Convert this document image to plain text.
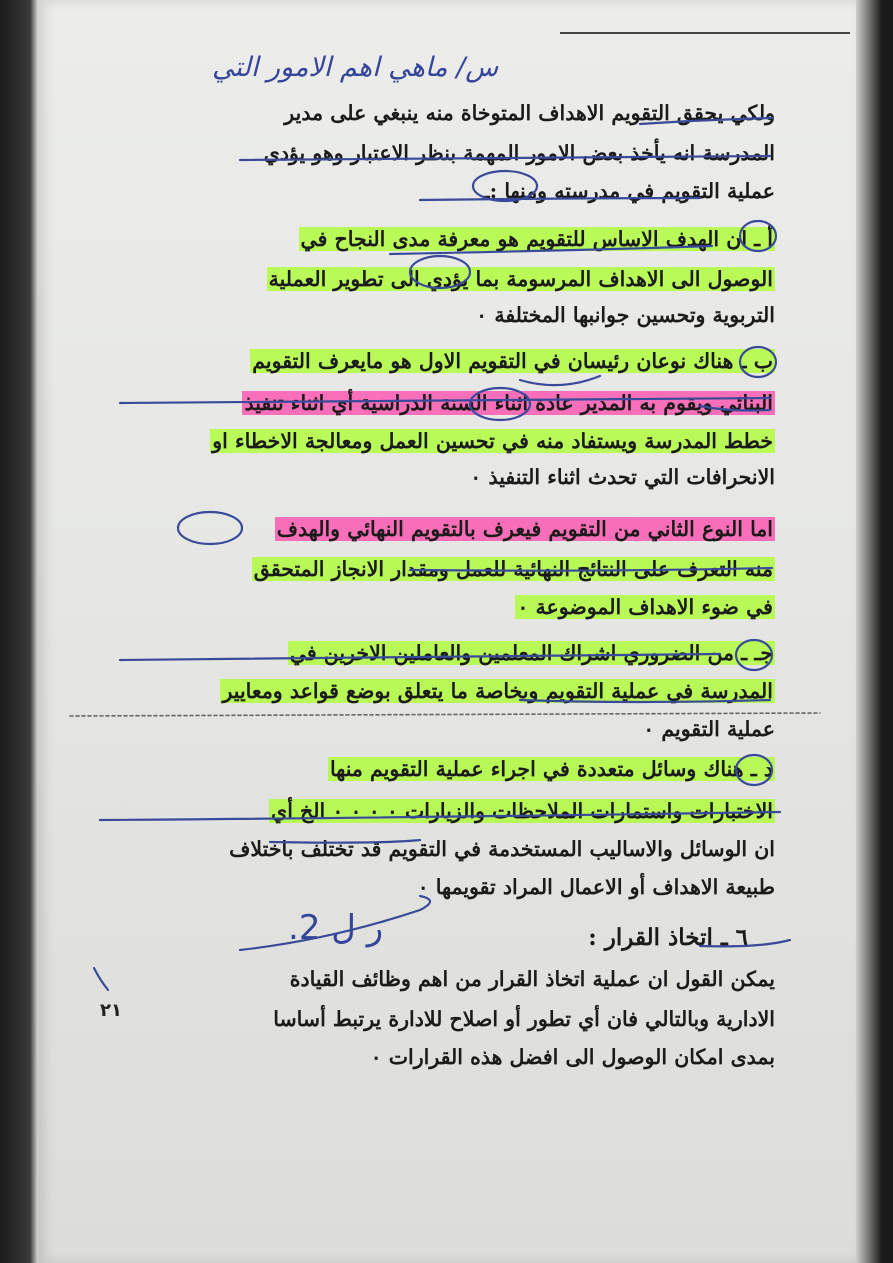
س/ ماهي اهم الامور التي
ولكي يحقق التقويم الاهداف المتوخاة منه ينبغي على مدير
المدرسة انه يأخذ بعض الامور المهمة بنظر الاعتبار وهو يؤدي
عملية التقويم في مدرسته ومنها :ـ
أ ـ ان الهدف الاساس للتقويم هو معرفة مدى النجاح في
الوصول الى الاهداف المرسومة بما يؤدي الى تطوير العملية
التربوية وتحسين جوانبها المختلفة ٠
ب ـ هناك نوعان رئيسان في التقويم الاول هو مايعرف التقويم
البنائي ويقوم به المدير عادة اثناء السنة الدراسية أي اثناء تنفيذ
خطط المدرسة ويستفاد منه في تحسين العمل ومعالجة الاخطاء او
الانحرافات التي تحدث اثناء التنفيذ ٠
اما النوع الثاني من التقويم فيعرف بالتقويم النهائي والهدف
منه التعرف على النتائج النهائية للعمل ومقدار الانجاز المتحقق
في ضوء الاهداف الموضوعة ٠
جـ ـ من الضروري اشراك المعلمين والعاملين الاخرين في
المدرسة في عملية التقويم وبخاصة ما يتعلق بوضع قواعد ومعايير
عملية التقويم ٠
د ـ هناك وسائل متعددة في اجراء عملية التقويم منها
الاختبارات واستمارات الملاحظات والزيارات ٠ ٠ ٠ ٠ الخ أي
ان الوسائل والاساليب المستخدمة في التقويم قد تختلف باختلاف
طبيعة الاهداف أو الاعمال المراد تقويمها ٠
ر ل 2.	٦ ـ اتخاذ القرار :
يمكن القول ان عملية اتخاذ القرار من اهم وظائف القيادة
الادارية وبالتالي فان أي تطور أو اصلاح للادارة يرتبط أساسا
بمدى امكان الوصول الى افضل هذه القرارات ٠
٢١
